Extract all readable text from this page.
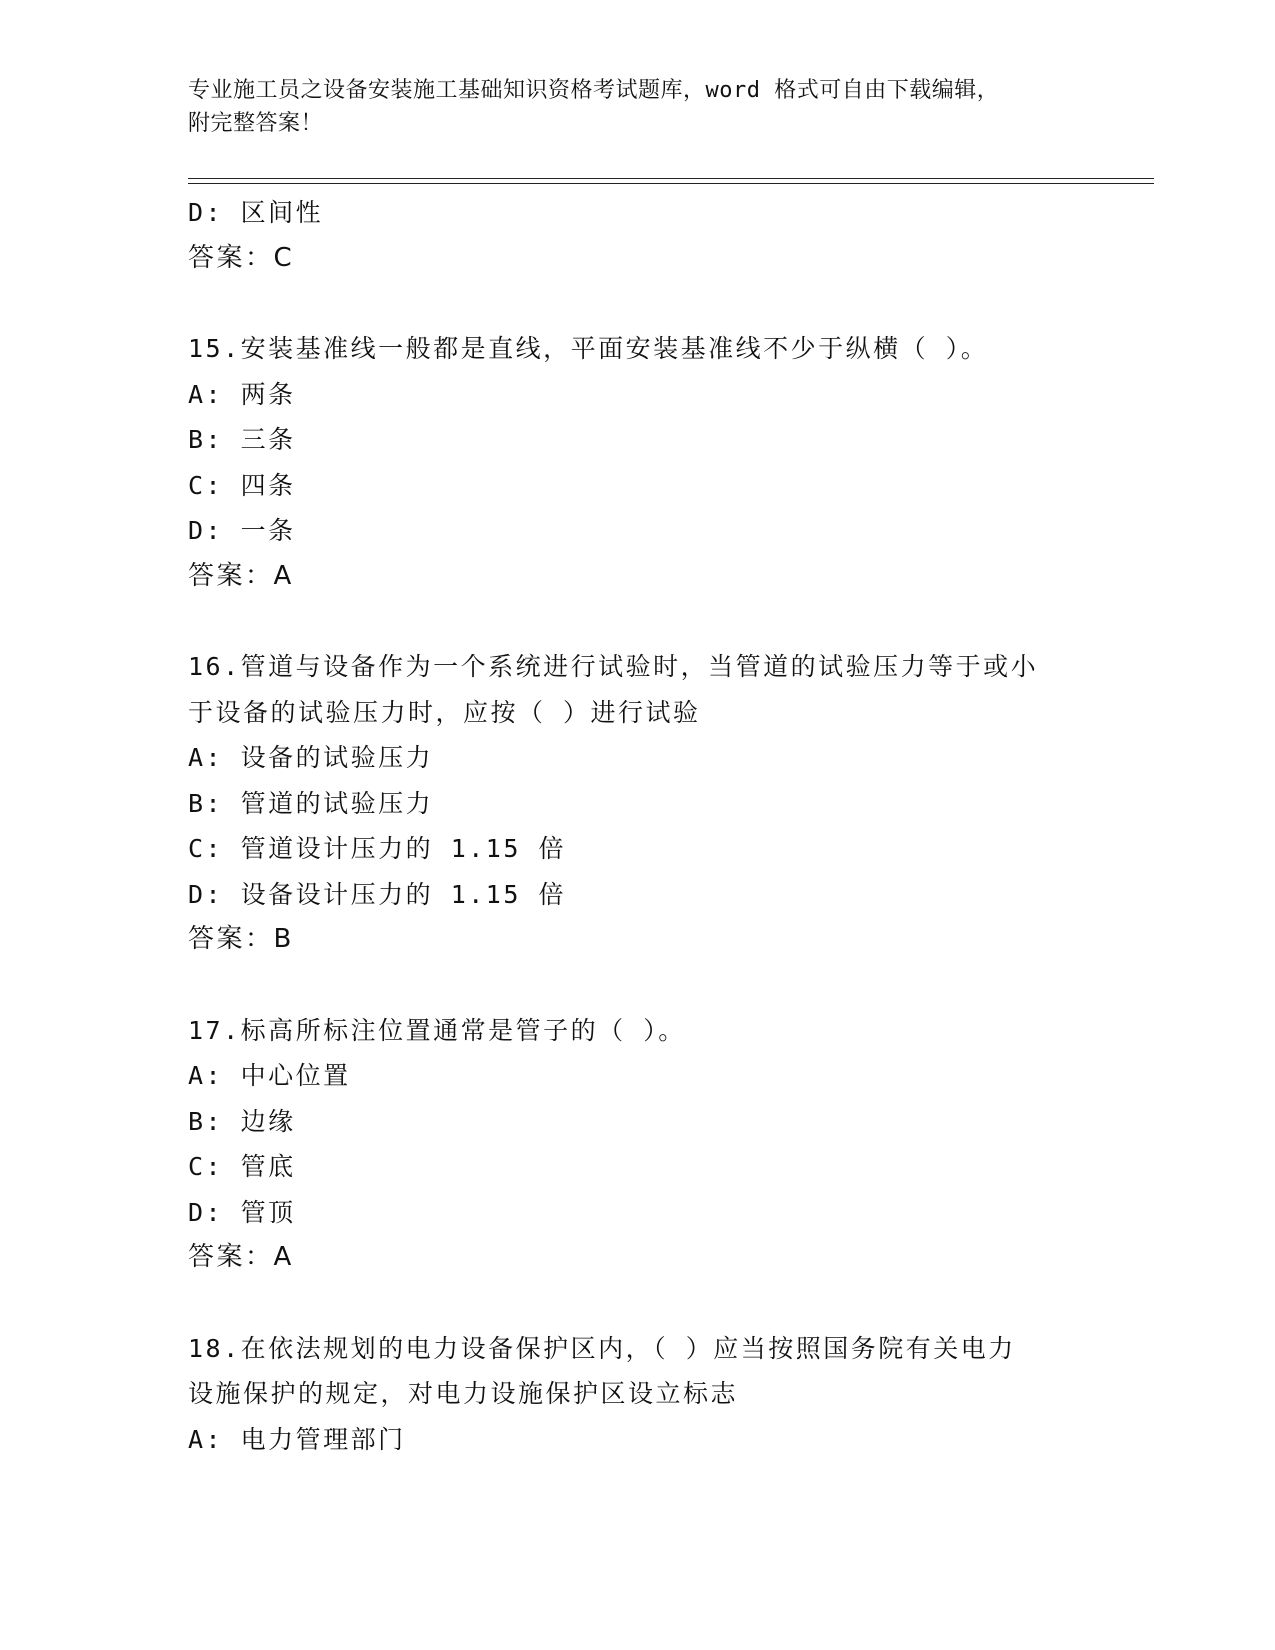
专业施工员之设备安装施工基础知识资格考试题库，word 格式可自由下载编辑，
附完整答案！
D: 区间性
答案：C
15.安装基准线一般都是直线，平面安装基准线不少于纵横（ ）。
A: 两条
B: 三条
C: 四条
D: 一条
答案：A
16.管道与设备作为一个系统进行试验时，当管道的试验压力等于或小
于设备的试验压力时，应按（ ）进行试验
A: 设备的试验压力
B: 管道的试验压力
C: 管道设计压力的 1.15 倍
D: 设备设计压力的 1.15 倍
答案：B
17.标高所标注位置通常是管子的（ ）。
A: 中心位置
B: 边缘
C: 管底
D: 管顶
答案：A
18.在依法规划的电力设备保护区内，（ ）应当按照国务院有关电力
设施保护的规定，对电力设施保护区设立标志
A: 电力管理部门
